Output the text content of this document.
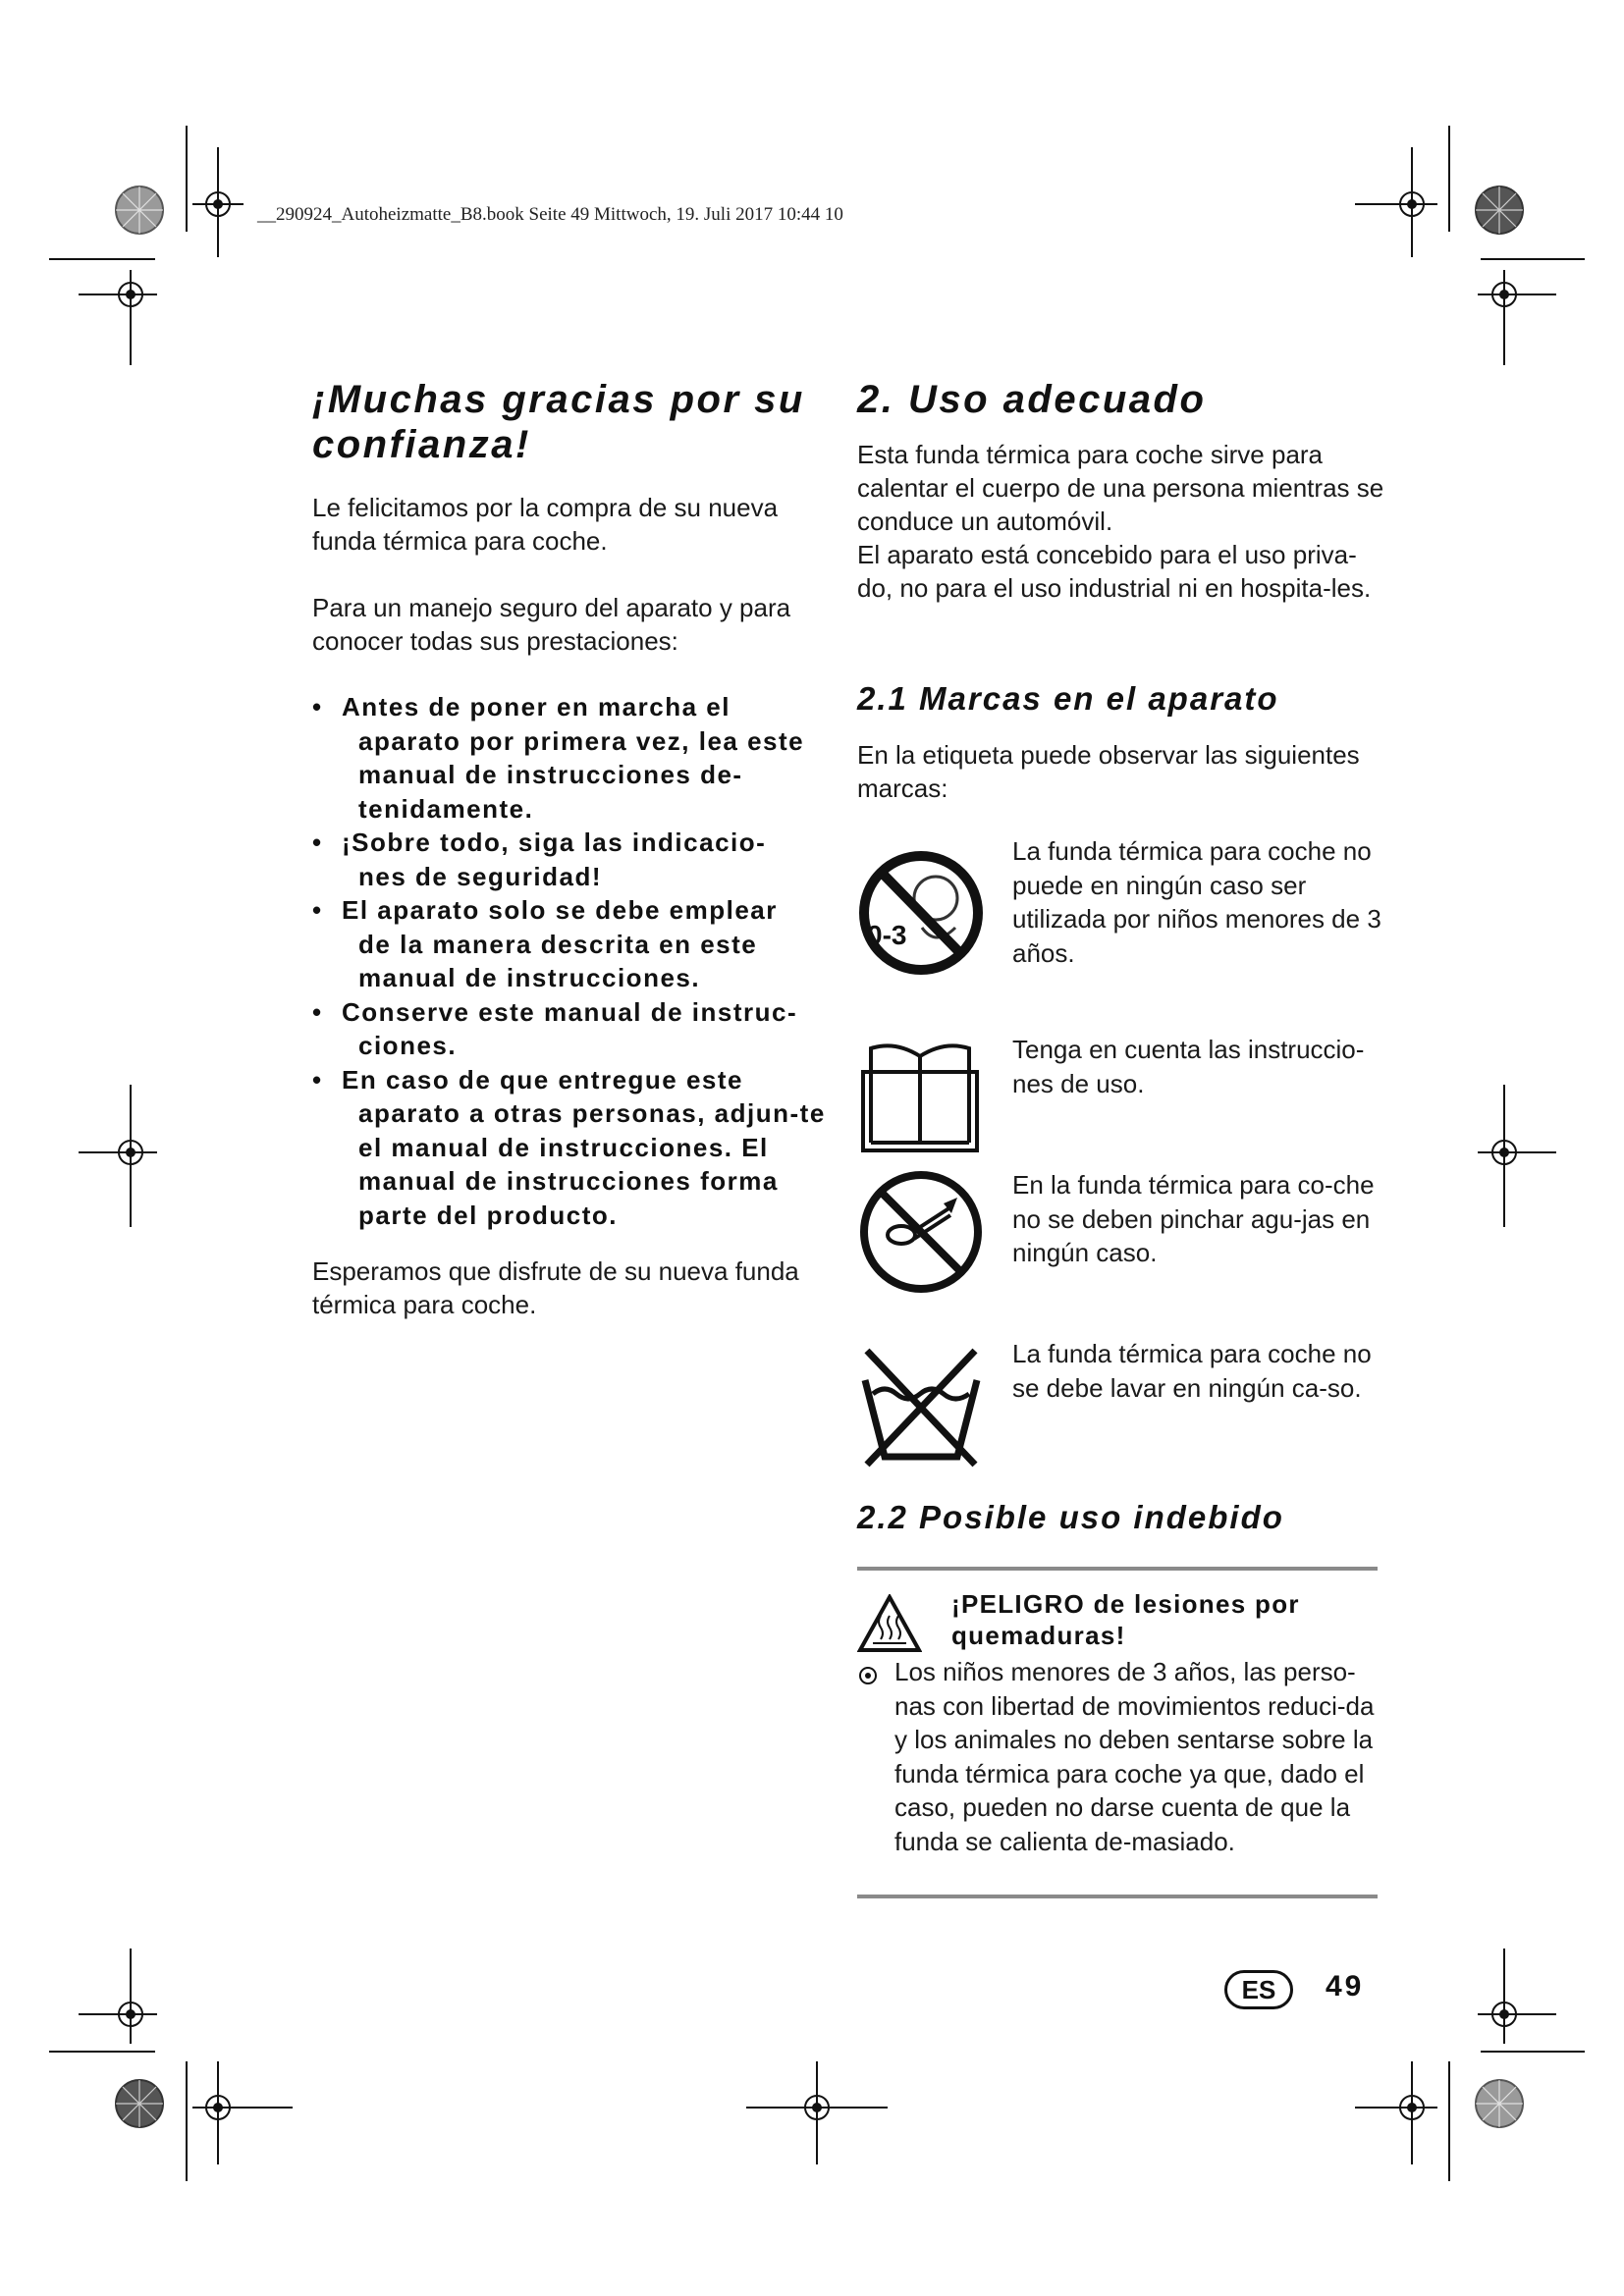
__290924_Autoheizmatte_B8.book Seite 49 Mittwoch, 19. Juli 2017 10:44 10
¡Muchas gracias por su
confianza!

Le felicitamos por la compra de su nueva funda térmica para coche.

Para un manejo seguro del aparato y para conocer todas sus prestaciones:

• Antes de poner en marcha el
aparato por primera vez, lea este manual de instrucciones de-tenidamente.
• ¡Sobre todo, siga las indicacio-
nes de seguridad!
• El aparato solo se debe emplear
de la manera descrita en este manual de instrucciones.
• Conserve este manual de instruc-
ciones.
• En caso de que entregue este
aparato a otras personas, adjun-te el manual de instrucciones. El manual de instrucciones forma parte del producto.

Esperamos que disfrute de su nueva funda térmica para coche.

2. Uso adecuado

Esta funda térmica para coche sirve para calentar el cuerpo de una persona mientras se conduce un automóvil.

El aparato está concebido para el uso priva-do, no para el uso industrial ni en hospita-les.

2.1 Marcas en el aparato

En la etiqueta puede observar las siguientes marcas:

0-3
La funda térmica para coche no puede en ningún caso ser utilizada por niños menores de 3 años.
Tenga en cuenta las instruccio-nes de uso.
En la funda térmica para co-che no se deben pinchar agu-jas en ningún caso.
La funda térmica para coche no se debe lavar en ningún ca-so.
2.2 Posible uso indebido
¡PELIGRO de lesiones por
quemaduras!
Los niños menores de 3 años, las perso-nas con libertad de movimientos reduci-da y los animales no deben sentarse sobre la funda térmica para coche ya que, dado el caso, pueden no darse cuenta de que la funda se calienta de-masiado.
ES	49
